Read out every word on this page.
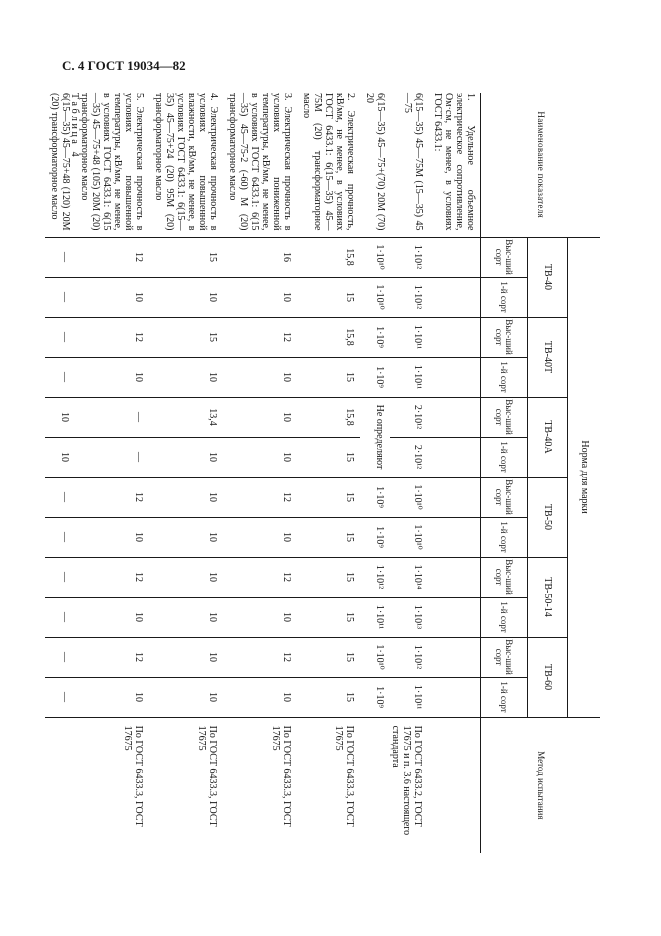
С. 4 ГОСТ 19034—82
Таблица 4	Наименование показателя	Норма для марки												Метод испытания
	ТВ-40		ТВ-40Т		ТВ-40А		ТВ-50		ТВ-50-14		ТВ-60		
	Выс-ший сорт	1-й сорт	Выс-ший сорт	1-й сорт	Выс-ший сорт	1-й сорт	Выс-ший сорт	1-й сорт	Выс-ший сорт	1-й сорт	Выс-ший сорт	1-й сорт	
1. Удельное объемное электрическое сопротивление, Ом·см, не менее, в условиях ГОСТ 6433.1:													
6(15—35) 45—75М (15—35) 45—75	1·10¹²	1·10¹²	1·10¹¹	1·10¹¹	2·10¹²	2·10¹²	1·10¹⁰	1·10¹⁰	1·10¹⁴	1·10¹³	1·10¹²	1·10¹¹	По ГОСТ 6433.2, ГОСТ 17675 и п. 3.6 настоящего стандарта
6(15—35) 45—75+(70) 20М (70) 20	1·10¹⁰	1·10¹⁰	1·10⁹	1·10⁹	Не определяют		1·10⁹	1·10⁹	1·10¹²	1·10¹¹	1·10¹⁰	1·10⁹	
2. Электрическая прочность, кВ/мм, не менее, в условиях ГОСТ 6433.1: 6(15—35) 45—75М (20) трансформаторное масло	15,8	15	15,8	15	15,8	15	15	15	15	15	15	15	По ГОСТ 6433.3, ГОСТ 17675
3. Электрическая прочность в условиях пониженной температуры, кВ/мм, не менее, в условиях ГОСТ 6433.1: 6(15—35) 45—75-2 (-60) М (20) трансформаторное масло	16	10	12	10	10	10	12	10	12	10	12	10	По ГОСТ 6433.3, ГОСТ 17675
4. Электрическая прочность в условиях повышенной влажности, кВ/мм, не менее, в условиях ГОСТ 6433.1: 6(15—35) 45—75+24 (20) 95М (20) трансформаторное масло	15	10	15	10	13,4	10	10	10	10	10	10	10	По ГОСТ 6433.3, ГОСТ 17675
5. Электрическая прочность в условиях повышенной температуры, кВ/мм, не менее, в условиях ГОСТ 6433.1: 6(15—35) 45—75+48 (105) 20М (20) трансформаторное масло	12	10	12	10	—	—	12	10	12	10	12	10	По ГОСТ 6433.3, ГОСТ 17675
6(15—35) 45—75+48 (120) 20М (20) трансформаторное масло	—	—	—	—	10	10	—	—	—	—	—	—	
